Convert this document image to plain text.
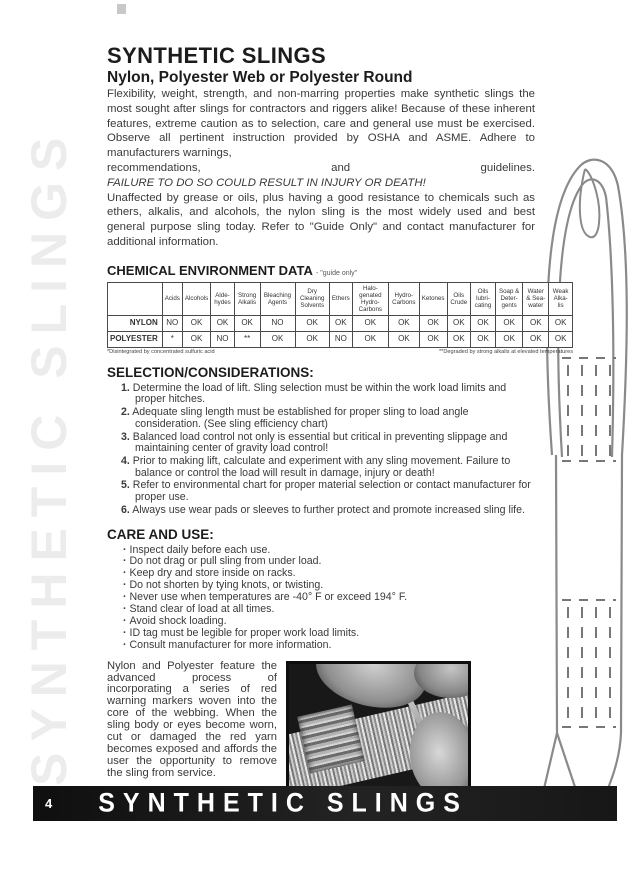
SYNTHETIC SLINGS
SYNTHETIC SLINGS
Nylon, Polyester Web or Polyester Round

Flexibility, weight, strength, and non-marring properties make synthetic slings the most sought after slings for contractors and riggers alike! Because of these inherent features, extreme caution as to selection, care and general use must be exercised. Observe all pertinent instruction provided by OSHA and ASME. Adhere to manufacturers warnings,

recommendations,	and	guidelines.
FAILURE TO DO SO COULD RESULT IN INJURY OR DEATH!

Unaffected by grease or oils, plus having a good resistance to chemicals such as ethers, alkalis, and alcohols, the nylon sling is the most widely used and best general purpose sling today. Refer to "Guide Only" and contact manufacturer for additional information.

CHEMICAL ENVIRONMENT DATA - "guide only"
	Acids	Alcohols	Alde-hydes	Strong Alkalis	Bleaching Agents	Dry Cleaning Solvents	Ethers	Halo-genated Hydro-Carbons	Hydro-Carbons	Ketones	Oils Crude	Oils lubri-cating	Soap & Deter-gents	Water & Sea-water	Weak Alka-lis
NYLON	NO	OK	OK	OK	NO	OK	OK	OK	OK	OK	OK	OK	OK	OK	OK
POLYESTER	*	OK	NO	**	OK	OK	NO	OK	OK	OK	OK	OK	OK	OK	OK
*Disintegrated by concentrated sulfuric acid	**Degraded by strong alkalis at elevated temperatures
SELECTION/CONSIDERATIONS:
1. Determine the load of lift. Sling selection must be within the work load limits and proper hitches.
2. Adequate sling length must be established for proper sling to load angle consideration. (See sling efficiency chart)
3. Balanced load control not only is essential but critical in preventing slippage and maintaining center of gravity load control!
4. Prior to making lift, calculate and experiment with any sling movement. Failure to balance or control the load will result in damage, injury or death!
5. Refer to environmental chart for proper material selection or contact manufacturer for proper use.
6. Always use wear pads or sleeves to further protect and promote increased sling life.
CARE AND USE:
· Inspect daily before each use.
· Do not drag or pull sling from under load.
· Keep dry and store inside on racks.
· Do not shorten by tying knots, or twisting.
· Never use when temperatures are -40° F or exceed 194° F.
· Stand clear of load at all times.
· Avoid shock loading.
· ID tag must be legible for proper work load limits.
· Consult manufacturer for more information.

Nylon and Polyester feature the advanced process of incorporating a series of red warning markers woven into the core of the webbing. When the sling body or eyes become worn, cut or damaged the red yarn becomes exposed and affords the user the opportunity to remove the sling from service.

4 SYNTHETIC SLINGS
